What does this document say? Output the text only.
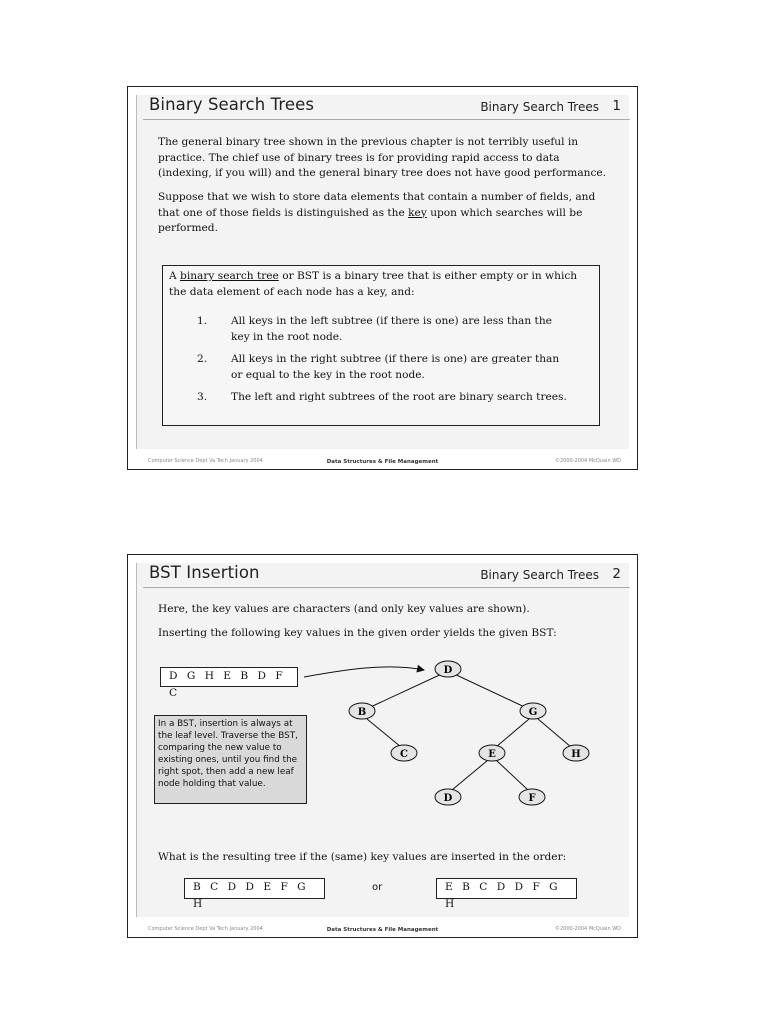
Binary Search Trees	Binary Search Trees 1
The general binary tree shown in the previous chapter is not terribly useful in practice. The chief use of binary trees is for providing rapid access to data (indexing, if you will) and the general binary tree does not have good performance.
Suppose that we wish to store data elements that contain a number of fields, and that one of those fields is distinguished as the key upon which searches will be performed.
A binary search tree or BST is a binary tree that is either empty or in which the data element of each node has a key, and:
1. All keys in the left subtree (if there is one) are less than the key in the root node.
2. All keys in the right subtree (if there is one) are greater than or equal to the key in the root node.
3. The left and right subtrees of the root are binary search trees.
Computer Science Dept Va Tech January 2004	Data Structures & File Management	©2000-2004 McQuain WD
BST Insertion	Binary Search Trees 2
Here, the key values are characters (and only key values are shown).
Inserting the following key values in the given order yields the given BST:
D G H E B D F C
D
B	G
C	E	H
D	F
In a BST, insertion is always at the leaf level. Traverse the BST, comparing the new value to existing ones, until you find the right spot, then add a new leaf node holding that value.
What is the resulting tree if the (same) key values are inserted in the order:
B C D D E F G H
or	E B C D D F G H
Computer Science Dept Va Tech January 2004	Data Structures & File Management	©2000-2004 McQuain WD
